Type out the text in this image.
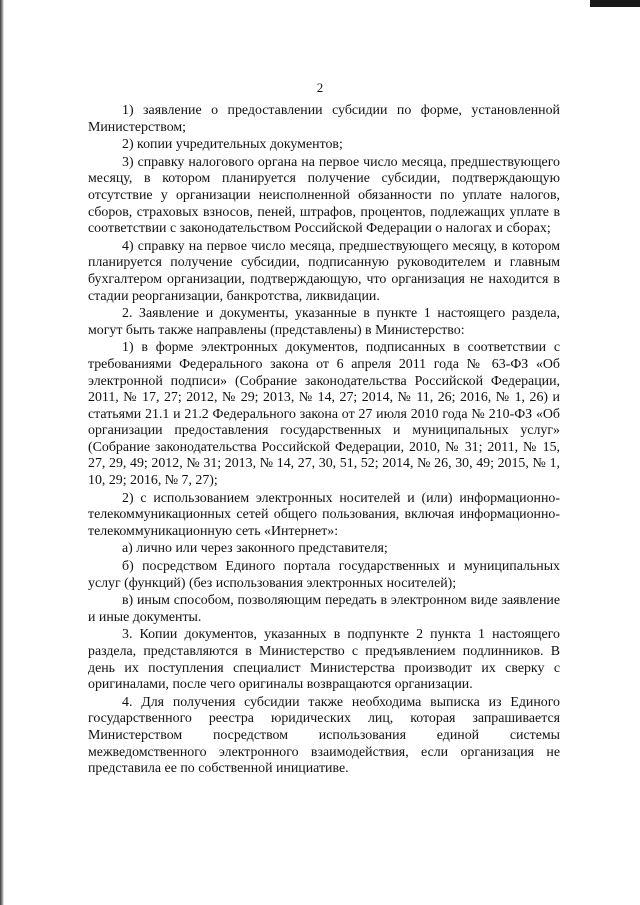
2

1) заявление о предоставлении субсидии по форме, установленной Министерством;

2) копии учредительных документов;

3) справку налогового органа на первое число месяца, предшествующего месяцу, в котором планируется получение субсидии, подтверждающую отсутствие у организации неисполненной обязанности по уплате налогов, сборов, страховых взносов, пеней, штрафов, процентов, подлежащих уплате в соответствии с законодательством Российской Федерации о налогах и сборах;

4) справку на первое число месяца, предшествующего месяцу, в котором планируется получение субсидии, подписанную руководителем и главным бухгалтером организации, подтверждающую, что организация не находится в стадии реорганизации, банкротства, ликвидации.

2. Заявление и документы, указанные в пункте 1 настоящего раздела, могут быть также направлены (представлены) в Министерство:

1) в форме электронных документов, подписанных в соответствии с требованиями Федерального закона от 6 апреля 2011 года № 63-ФЗ «Об электронной подписи» (Собрание законодательства Российской Федерации, 2011, № 17, 27; 2012, № 29; 2013, № 14, 27; 2014, № 11, 26; 2016, № 1, 26) и статьями 21.1 и 21.2 Федерального закона от 27 июля 2010 года № 210-ФЗ «Об организации предоставления государственных и муниципальных услуг» (Собрание законодательства Российской Федерации, 2010, № 31; 2011, № 15, 27, 29, 49; 2012, № 31; 2013, № 14, 27, 30, 51, 52; 2014, № 26, 30, 49; 2015, № 1, 10, 29; 2016, № 7, 27);

2) с использованием электронных носителей и (или) информационно-телекоммуникационных сетей общего пользования, включая информационно-телекоммуникационную сеть «Интернет»:

а) лично или через законного представителя;

б) посредством Единого портала государственных и муниципальных услуг (функций) (без использования электронных носителей);

в) иным способом, позволяющим передать в электронном виде заявление и иные документы.

3. Копии документов, указанных в подпункте 2 пункта 1 настоящего раздела, представляются в Министерство с предъявлением подлинников. В день их поступления специалист Министерства производит их сверку с оригиналами, после чего оригиналы возвращаются организации.

4. Для получения субсидии также необходима выписка из Единого государственного реестра юридических лиц, которая запрашивается Министерством посредством использования единой системы межведомственного электронного взаимодействия, если организация не представила ее по собственной инициативе.
